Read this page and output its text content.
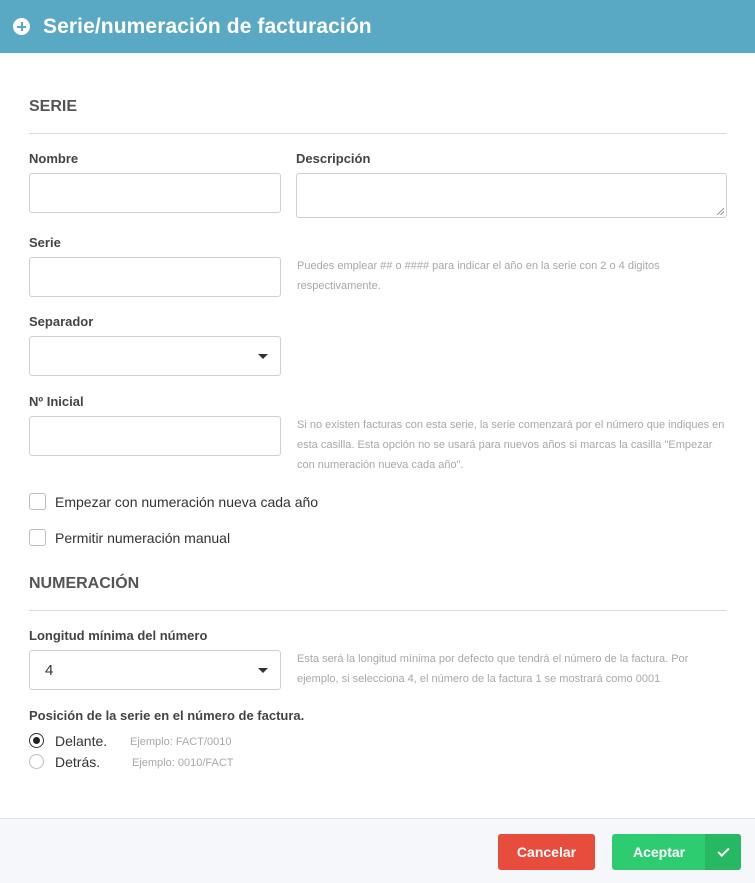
Serie/numeración de facturación
SERIE
Nombre	Descripción
Serie
Puedes emplear ## o #### para indicar el año en la serie con 2 o 4 digitos respectivamente.
Separador
Nº Inicial
Si no existen facturas con esta serie, la serie comenzará por el número que indiques en esta casilla. Esta opción no se usará para nuevos años si marcas la casilla "Empezar con numeración nueva cada año".
Empezar con numeración nueva cada año
Permitir numeración manual
NUMERACIÓN
Longitud mínima del número
4
Esta será la longitud mínima por defecto que tendrá el número de la factura. Por ejemplo, si selecciona 4, el número de la factura 1 se mostrará como 0001
Posición de la serie en el número de factura.
Delante. Ejemplo: FACT/0010
Detrás.	Ejemplo: 0010/FACT
Cancelar	Aceptar
